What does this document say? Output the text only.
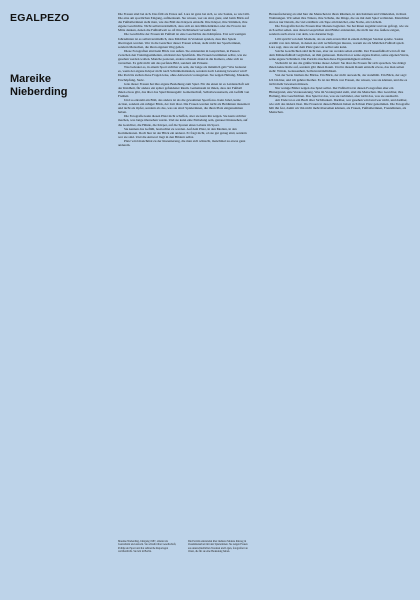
EGALPEZO
Mareike
Nieberding

Die Frauen sind bei sich. Das fällt als Erstes auf. Lara ist ganz bei sich, so wie Saskia, so wie Lilli. Die eine am sportlichen Eingang, aufmerksam. Sie wissen, wer sie sind, ganz, und beim Blick auf die Fußballerinnen sieht man, wie das Bild des Körpers entsteht. Ihre Körper, ihre Stimmen, ihre eigene Geschichte. Nicht selbstverständlich, dass sich an den Mittelstürmer oder die Frau in der Mitte denken, denen die Fußballwelt so oft ihre Sichtbarkeit verwehrt hat.

Die Geschichte der Frauen im Fußball ist eine Geschichte des Kämpfens. Erst seit wenigen Jahrzehnten ist es selbstverständlich, dass Mädchen in Vereinen spielen, dass ihre Spiele übertragen werden. Wer in die Gesichter dieser Frauen schaut, sieht nicht nur Sportlerinnen, sondern Menschen, die ihren eigenen Weg gehen.

Diese Fotografien sind kein Blick von außen. Sie entstanden in Gesprächen, in Pausen zwischen den Trainingseinheiten, am Rand des Spielfelds. Die Frauen bestimmen selbst, wie sie gesehen werden wollen. Manche posieren, andere schauen direkt in die Kamera, ohne sich zu verstellen. Es geht nicht um das perfekte Bild, sondern um Präsenz.

Was bedeutet es, in einem Sport sichtbar zu sein, der lange als männlich galt? Was bedeutet es, wenn der eigene Körper nicht nach Schönheitsidealen, sondern nach Leistung bewertet wird? Die Porträts stellen diese Fragen leise, ohne Antworten vorzugeben. Sie zeigen Haltung, Muskeln, Erschöpfung, Stolz.

Jede dieser Frauen hat ihre eigene Beziehung zum Spiel. Für die einen ist es Leidenschaft seit der Kindheit, für andere ein später gefundener Raum. Gemeinsam ist ihnen, dass der Fußball ihnen etwas gibt, das über das Spiel hinausgeht: Gemeinschaft, Selbstbewusstsein, ein Gefühl von Freiheit.

Und so entsteht ein Bild, das anders ist als die gewohnten Sportfotos. Kein Jubel, keine Action, sondern ein ruhiger Blick, der Zeit lässt. Die Frauen werden nicht als Heldinnen inszeniert und nicht als Opfer, sondern als das, was sie sind: Spielerinnen, die ihren Platz eingenommen haben.

Die Fotografie kann diesen Platz nicht schaffen, aber sie kann ihn zeigen. Sie kann sichtbar machen, was lange übersehen wurde. Und sie kann eine Einladung sein, genauer hinzusehen, auf die Gesichter, die Hände, die Körper, auf die Spuren eines Lebens im Sport.

Sie kennen das Gefühl, beobachtet zu werden. Auf dem Platz, in den Medien, in den Kommentaren. Doch hier ist der Blick ein anderer. Er fragt nicht, ob sie gut genug sind, sondern wer sie sind. Und die Antwort liegt in den Bildern selbst.

Platz wird manchmal zu der Inszenierung, die man sich wünscht, manchmal zu etwas ganz anderem.

Herausforderung an sind hier die Menschen in ihren Räumen, in den Kabinen und Umkleiden, in ihren Wohnungen. Wir sehen ihre Trikots, ihre Schuhe, die Dinge, die sie mit dem Spiel verbinden. Manchmal sind es nur Details, die viel erzählen: ein Tape am Knöchel, eine Narbe, ein Lächeln.

Die Fotografin hat die Frauen über Monate begleitet. Sie hat ihnen zugehört und sie gefragt, wie sie sich selbst sehen. Aus diesen Gesprächen sind Bilder entstanden, die nicht nur das Äußere zeigen, sondern auch etwas von dem, was darunter liegt.

Lilli spricht von dem Moment, als sie zum ersten Mal in einem richtigen Stadion spielte. Saskia erzählt von den Jahren, in denen sie sich rechtfertigen musste, warum sie als Mädchen Fußball spielt. Lara sagt, dass sie auf dem Platz ganz sie selbst sein kann.

Solche Geschichten sind nicht neu, aber sie werden selten erzählt. Der Frauenfußball wird oft mit dem Männerfußball verglichen, an ihm gemessen. Dabei hat er seine eigene Kultur, seine eigenen Werte, seine eigene Schönheit. Die Porträts machen diese Eigenständigkeit sichtbar.

Vielleicht ist das die größte Stärke dieser Arbeit: Sie lässt die Frauen für sich sprechen. Sie drängt ihnen keine Rolle auf, sondern gibt ihnen Raum. Und in diesem Raum entsteht etwas, das man selten sieht: Würde, Gelassenheit, Selbstverständlichkeit.

Von der Serie bleiben die Blicke. Ein Blick, der nicht ausweicht, der standhält. Ein Blick, der sagt: Ich bin hier, und ich gehöre hierher. Es ist der Blick von Frauen, die wissen, was sie können, und die es nicht mehr beweisen müssen.

Nur wenige Bilder zeigen das Spiel selbst. Der Fußball ist in diesen Fotografien eher ein Hintergrund, eine Voraussetzung. Was im Vordergrund steht, sind die Menschen. Ihre Gesichter, ihre Haltung, ihre Geschichten. Das Spiel ist das, was sie verbindet, aber nicht das, was sie ausmacht.

Am Ende ist es ein Buch über Sichtbarkeit. Darüber, wer gesehen wird und wer nicht, und darüber, wie sich das ändern lässt. Die Frauen in diesen Bildern haben sich ihren Platz genommen. Die Fotografie hält ihn fest, damit wir ihn nicht mehr übersehen können, als Frauen, Fußballerinnen, Freundinnen, als Menschen.

Mareike Nieberding, Jahrgang 1987, arbeitet als Journalistin und Autorin. Sie schreibt über Gesellschaft, Politik und Sport und hat zahlreiche Reportagen veröffentlicht. Sie lebt in Berlin.
Die Porträts entstanden über mehrere Monate hinweg in Zusammenarbeit mit den Spielerinnen. Sie zeigen Frauen aus unterschiedlichen Vereinen und Ligen, fotografiert an Orten, die für sie eine Bedeutung haben.
